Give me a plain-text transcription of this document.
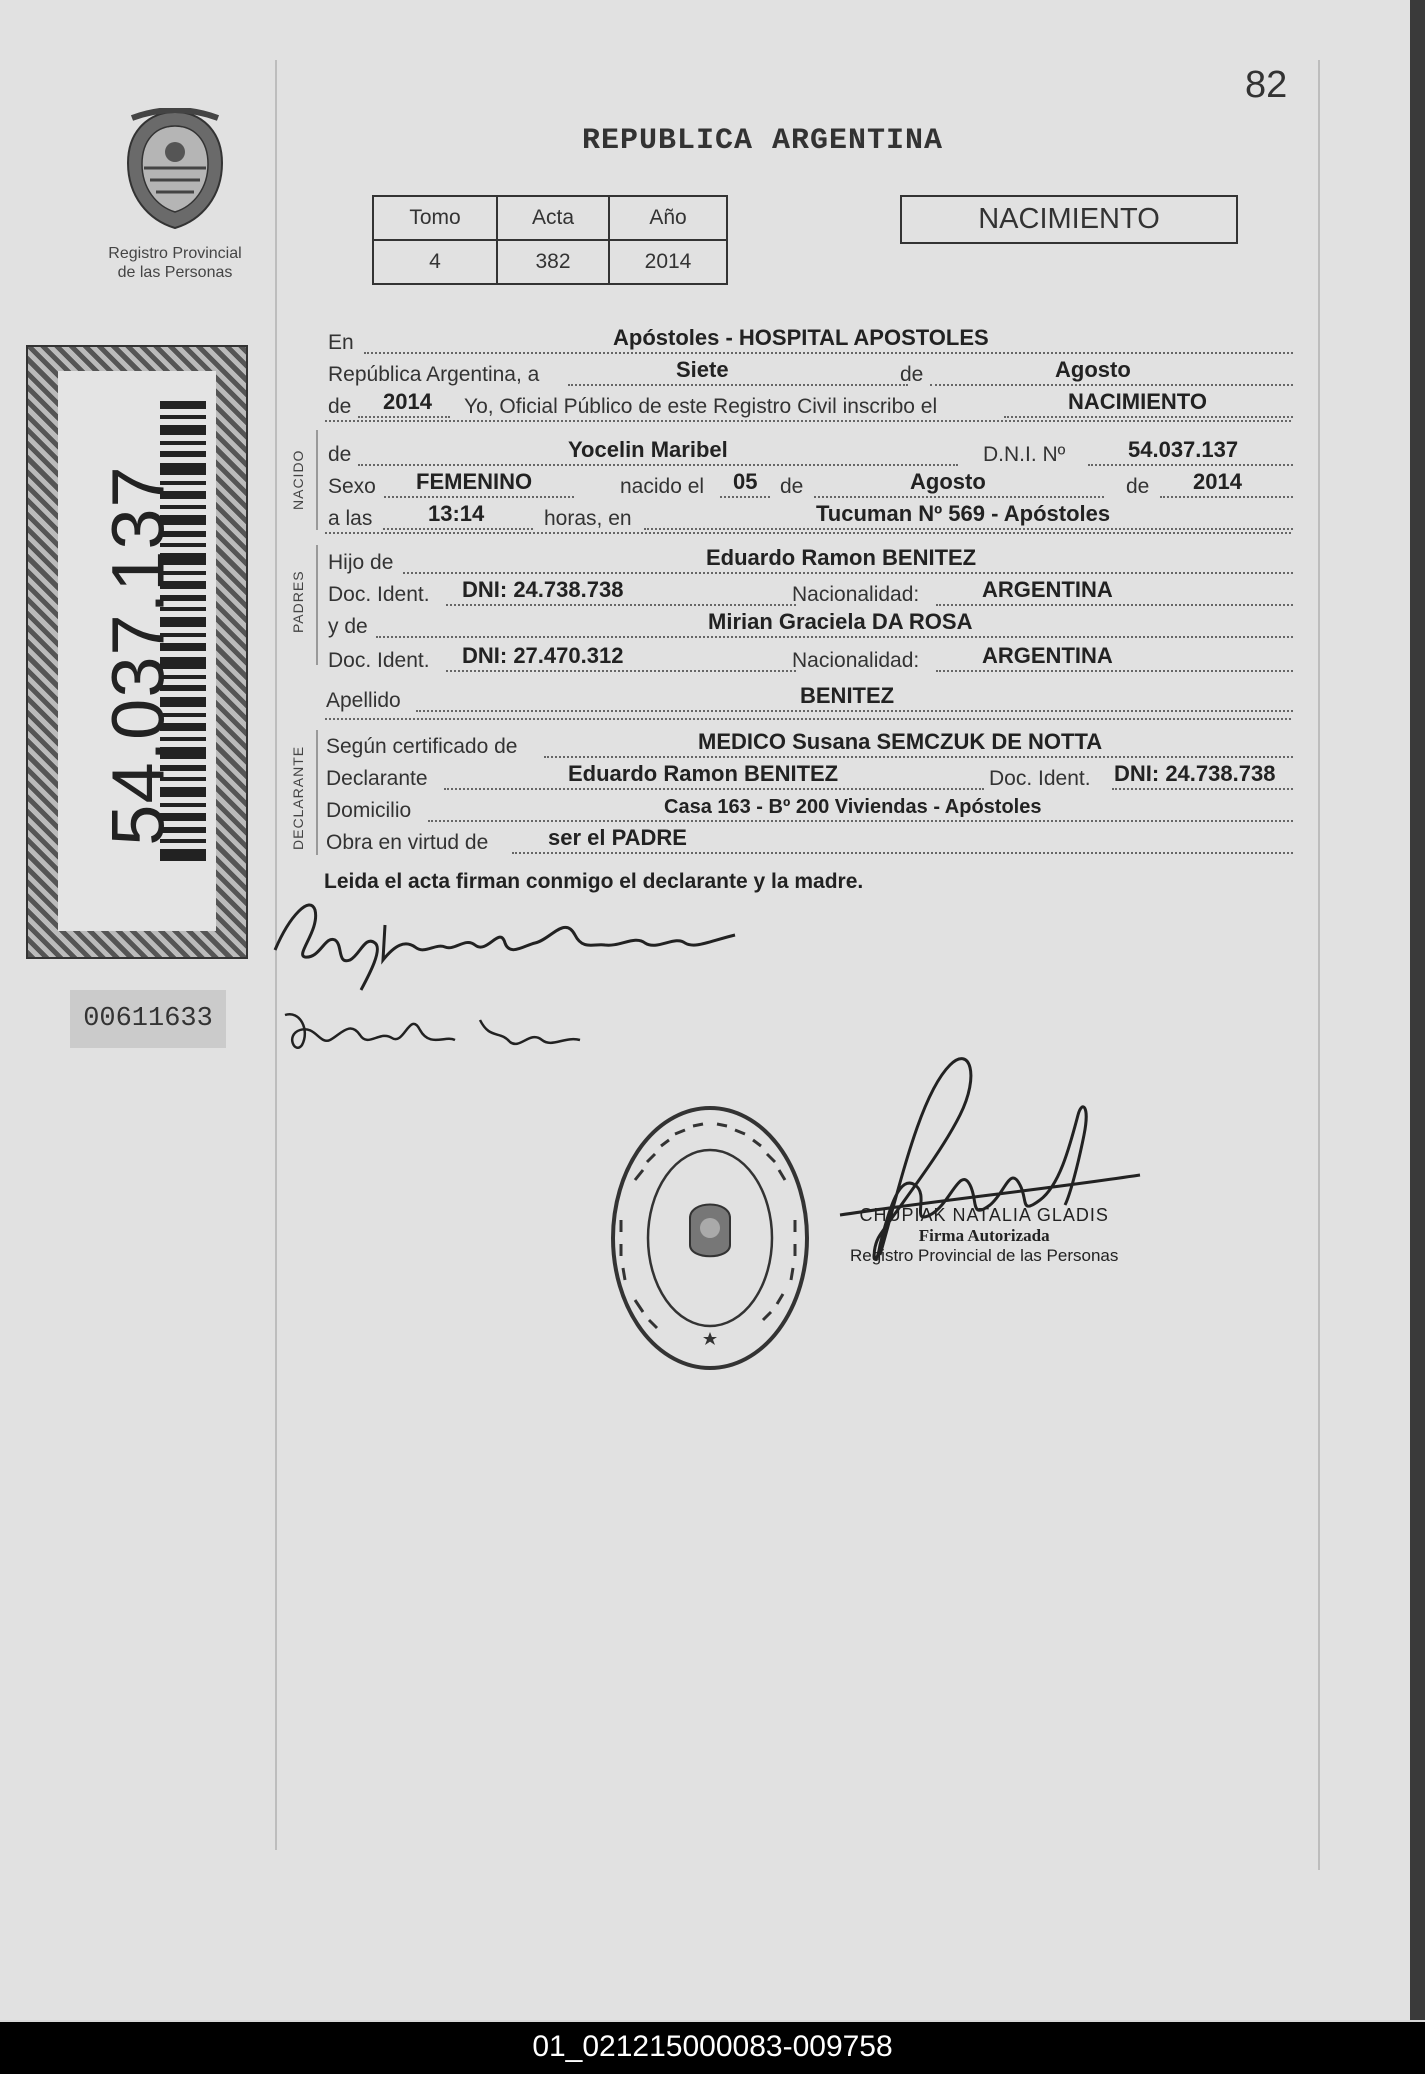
82
REPUBLICA ARGENTINA
Registro Provincial
de las Personas
Tomo	Acta	Año
4	382	2014
NACIMIENTO
54.037.137
00611633
NACIDO
PADRES
DECLARANTE
En	Apóstoles - HOSPITAL APOSTOLES
República Argentina, a	Siete	de	Agosto
de 2014 Yo, Oficial Público de este Registro Civil inscribo el	NACIMIENTO
de	Yocelin Maribel	D.N.I. Nº	54.037.137
Sexo FEMENINO	nacido el 05 de	Agosto	de 2014
a las	13:14	horas, en	Tucuman Nº 569 - Apóstoles
Hijo de	Eduardo Ramon BENITEZ
Doc. Ident. DNI: 24.738.738	Nacionalidad:	ARGENTINA
y de	Mirian Graciela DA ROSA
Doc. Ident. DNI: 27.470.312	Nacionalidad:	ARGENTINA
Apellido	BENITEZ
Según certificado de	MEDICO Susana SEMCZUK DE NOTTA
Declarante	Eduardo Ramon BENITEZ	Doc. Ident. DNI: 24.738.738
Domicilio	Casa 163 - Bº 200 Viviendas - Apóstoles
Obra en virtud de	ser el PADRE
Leida el acta firman conmigo el declarante y la madre.
CHUPIAK NATALIA GLADIS
Firma Autorizada
Registro Provincial de las Personas
01_021215000083-009758
